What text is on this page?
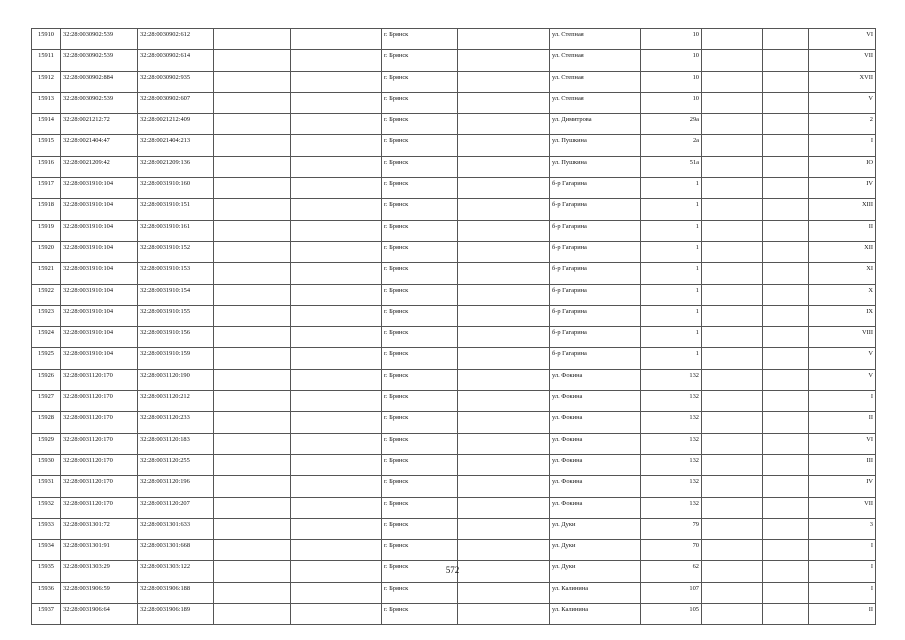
15910	32:28:0030902:539	32:28:0030902:612			г. Брянск		ул. Степная	10			VI
15911	32:28:0030902:539	32:28:0030902:614			г. Брянск		ул. Степная	10			VII
15912	32:28:0030902:884	32:28:0030902:935			г. Брянск		ул. Степная	10			XVII
15913	32:28:0030902:539	32:28:0030902:607			г. Брянск		ул. Степная	10			V
15914	32:28:0021212:72	32:28:0021212:409			г. Брянск		ул. Димитрова	29а			2
15915	32:28:0021404:47	32:28:0021404:213			г. Брянск		ул. Пушкина	2а			I
15916	32:28:0021209:42	32:28:0021209:136			г. Брянск		ул. Пушкина	51а			IO
15917	32:28:0031910:104	32:28:0031910:160			г. Брянск		б-р Гагарина	1			IV
15918	32:28:0031910:104	32:28:0031910:151			г. Брянск		б-р Гагарина	1			XIII
15919	32:28:0031910:104	32:28:0031910:161			г. Брянск		б-р Гагарина	1			II
15920	32:28:0031910:104	32:28:0031910:152			г. Брянск		б-р Гагарина	1			XII
15921	32:28:0031910:104	32:28:0031910:153			г. Брянск		б-р Гагарина	1			XI
15922	32:28:0031910:104	32:28:0031910:154			г. Брянск		б-р Гагарина	1			X
15923	32:28:0031910:104	32:28:0031910:155			г. Брянск		б-р Гагарина	1			IX
15924	32:28:0031910:104	32:28:0031910:156			г. Брянск		б-р Гагарина	1			VIII
15925	32:28:0031910:104	32:28:0031910:159			г. Брянск		б-р Гагарина	1			V
15926	32:28:0031120:170	32:28:0031120:190			г. Брянск		ул. Фокина	132			V
15927	32:28:0031120:170	32:28:0031120:212			г. Брянск		ул. Фокина	132			I
15928	32:28:0031120:170	32:28:0031120:233			г. Брянск		ул. Фокина	132			II
15929	32:28:0031120:170	32:28:0031120:183			г. Брянск		ул. Фокина	132			VI
15930	32:28:0031120:170	32:28:0031120:255			г. Брянск		ул. Фокина	132			III
15931	32:28:0031120:170	32:28:0031120:196			г. Брянск		ул. Фокина	132			IV
15932	32:28:0031120:170	32:28:0031120:207			г. Брянск		ул. Фокина	132			VII
15933	32:28:0031301:72	32:28:0031301:633			г. Брянск		ул. Дуки	79			3
15934	32:28:0031301:91	32:28:0031301:668			г. Брянск		ул. Дуки	70			I
15935	32:28:0031303:29	32:28:0031303:122			г. Брянск		ул. Дуки	62			I
15936	32:28:0031906:59	32:28:0031906:188			г. Брянск		ул. Калинина	107			I
15937	32:28:0031906:64	32:28:0031906:189			г. Брянск		ул. Калинина	105			II
572
